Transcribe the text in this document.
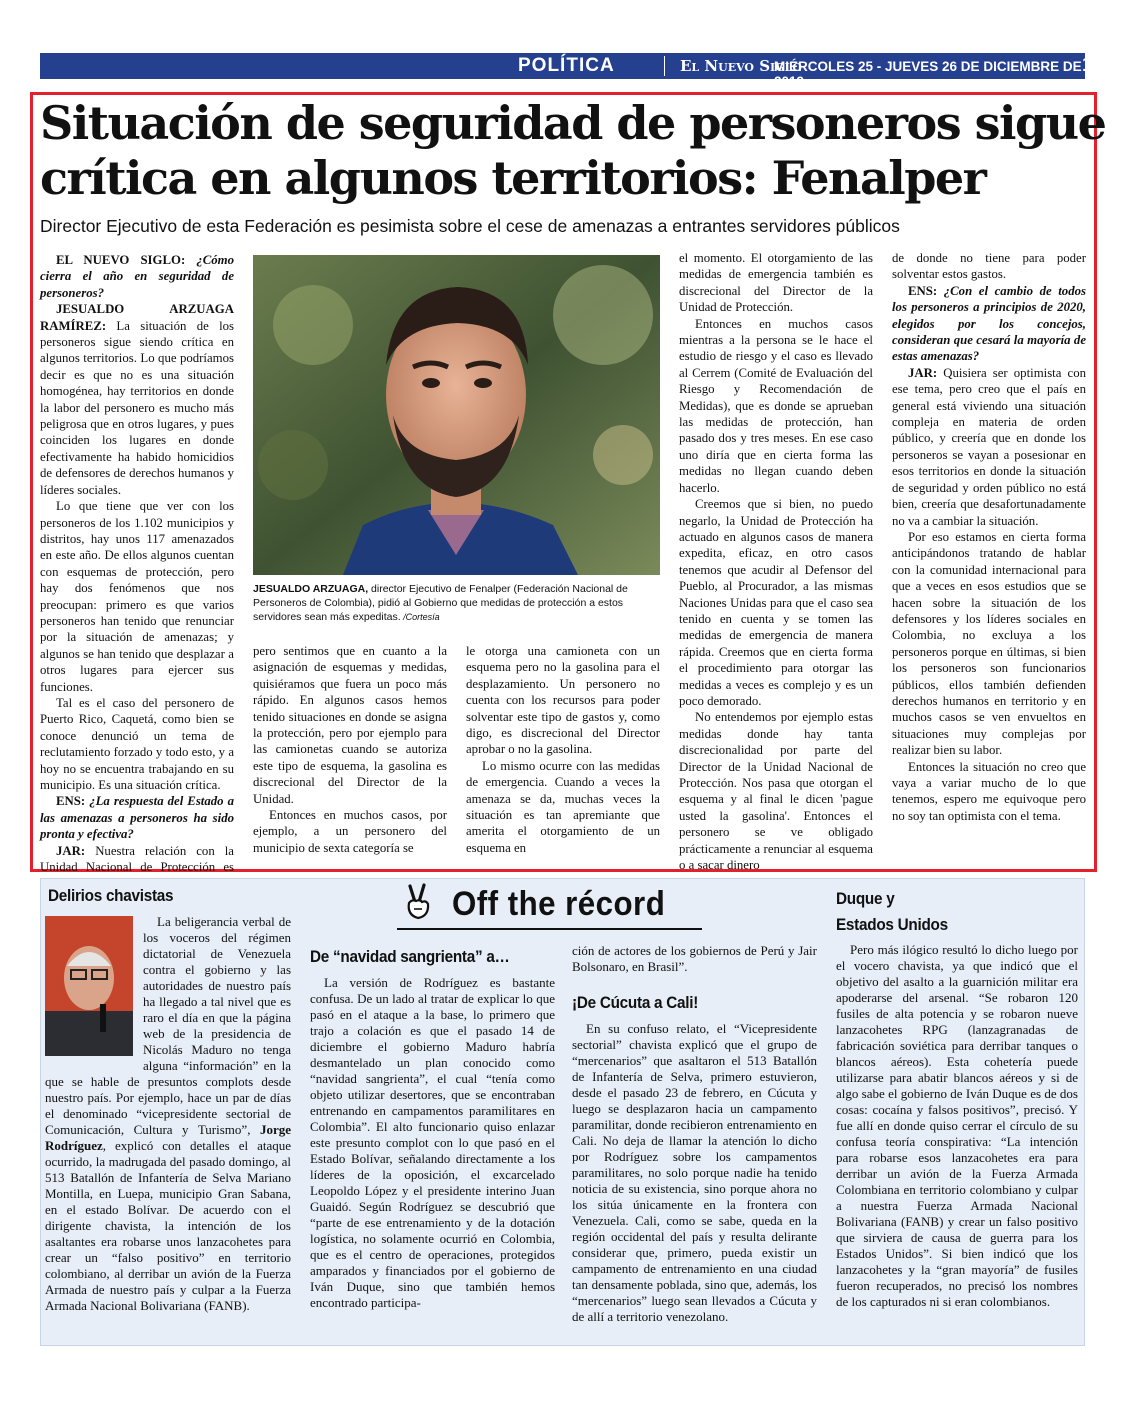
POLÍTICA	El Nuevo Siglo
MIÉRCOLES 25 - JUEVES 26 DE DICIEMBRE DE 2019
11A
Situación de seguridad de personeros sigue
crítica en algunos territorios: Fenalper
Director Ejecutivo de esta Federación es pesimista sobre el cese de amenazas a entrantes servidores públicos

EL NUEVO SIGLO: ¿Cómo cierra el año en seguridad de personeros?

JESUALDO ARZUAGA RAMÍREZ: La situación de los personeros sigue siendo crítica en algunos territorios. Lo que podríamos decir es que no es una situación homogénea, hay territorios en donde la labor del personero es mucho más peligrosa que en otros lugares, y pues coinciden los lugares en donde efectivamente ha habido homicidios de defensores de derechos humanos y líderes sociales.

Lo que tiene que ver con los personeros de los 1.102 municipios y distritos, hay unos 117 amenazados en este año. De ellos algunos cuentan con esquemas de protección, pero hay dos fenómenos que nos preocupan: primero es que varios personeros han tenido que renunciar por la situación de amenazas; y algunos se han tenido que desplazar a otros lugares para ejercer sus funciones.

Tal es el caso del personero de Puerto Rico, Caquetá, como bien se conoce denunció un tema de reclutamiento forzado y todo esto, y a hoy no se encuentra trabajando en su municipio. Es una situación crítica.

ENS: ¿La respuesta del Estado a las amenazas a personeros ha sido pronta y efectiva?

JAR: Nuestra relación con la Unidad Nacional de Protección es

JESUALDO ARZUAGA, director Ejecutivo de Fenalper (Federación Nacional de Personeros de Colombia), pidió al Gobierno que medidas de protección a estos servidores sean más expeditas. /Cortesía

pero sentimos que en cuanto a la asignación de esquemas y medidas, quisiéramos que fuera un poco más rápido. En algunos casos hemos tenido situaciones en donde se asigna la protección, pero por ejemplo para las camionetas cuando se autoriza este tipo de esquema, la gasolina es discrecional del Director de la Unidad.

Entonces en muchos casos, por ejemplo, a un personero del municipio de sexta categoría se

le otorga una camioneta con un esquema pero no la gasolina para el desplazamiento. Un personero no cuenta con los recursos para poder solventar este tipo de gastos y, como digo, es discrecional del Director aprobar o no la gasolina.

Lo mismo ocurre con las medidas de emergencia. Cuando a veces la amenaza se da, muchas veces la situación es tan apremiante que amerita el otorgamiento de un esquema en

el momento. El otorgamiento de las medidas de emergencia también es discrecional del Director de la Unidad de Protección.

Entonces en muchos casos mientras a la persona se le hace el estudio de riesgo y el caso es llevado al Cerrem (Comité de Evaluación del Riesgo y Recomendación de Medidas), que es donde se aprueban las medidas de protección, han pasado dos y tres meses. En ese caso uno diría que en cierta forma las medidas no llegan cuando deben hacerlo.

Creemos que si bien, no puedo negarlo, la Unidad de Protección ha actuado en algunos casos de manera expedita, eficaz, en otro casos tenemos que acudir al Defensor del Pueblo, al Procurador, a las mismas Naciones Unidas para que el caso sea tenido en cuenta y se tomen las medidas de emergencia de manera rápida. Creemos que en cierta forma el procedimiento para otorgar las medidas a veces es complejo y es un poco demorado.

No entendemos por ejemplo estas medidas donde hay tanta discrecionalidad por parte del Director de la Unidad Nacional de Protección. Nos pasa que otorgan el esquema y al final le dicen 'pague usted la gasolina'. Entonces el personero se ve obligado prácticamente a renunciar al esquema o a sacar dinero

de donde no tiene para poder solventar estos gastos.

ENS: ¿Con el cambio de todos los personeros a principios de 2020, elegidos por los concejos, consideran que cesará la mayoría de estas amenazas?

JAR: Quisiera ser optimista con ese tema, pero creo que el país en general está viviendo una situación compleja en materia de orden público, y creería que en donde los personeros se vayan a posesionar en esos territorios en donde la situación de seguridad y orden público no está bien, creería que desafortunadamente no va a cambiar la situación.

Por eso estamos en cierta forma anticipándonos tratando de hablar con la comunidad internacional para que a veces en esos estudios que se hacen sobre la situación de los defensores y los líderes sociales en Colombia, no excluya a los personeros porque en últimas, si bien los personeros son funcionarios públicos, ellos también defienden derechos humanos en territorio y en muchos casos se ven envueltos en situaciones muy complejas por realizar bien su labor.

Entonces la situación no creo que vaya a variar mucho de lo que tenemos, espero me equivoque pero no soy tan optimista con el tema.

Off the récord
Delirios chavistas

La beligerancia verbal de los voceros del régimen dictatorial de Venezuela contra el gobierno y las autoridades de nuestro país ha llegado a tal nivel que es raro el día en que la página web de la presidencia de Nicolás Maduro no tenga alguna “información” en la que se hable de presuntos complots desde nuestro país. Por ejemplo, hace un par de días el denominado “vicepresidente sectorial de Comunicación, Cultura y Turismo”, Jorge Rodríguez, explicó con detalles el ataque ocurrido, la madrugada del pasado domingo, al 513 Batallón de Infantería de Selva Mariano Montilla, en Luepa, municipio Gran Sabana, en el estado Bolívar. De acuerdo con el dirigente chavista, la intención de los asaltantes era robarse unos lanzacohetes para crear un “falso positivo” en territorio colombiano, al derribar un avión de la Fuerza Armada de nuestro país y culpar a la Fuerza Armada Nacional Bolivariana (FANB).

De “navidad sangrienta” a…

La versión de Rodríguez es bastante confusa. De un lado al tratar de explicar lo que pasó en el ataque a la base, lo primero que trajo a colación es que el pasado 14 de diciembre el gobierno Maduro habría desmantelado un plan conocido como “navidad sangrienta”, el cual “tenía como objeto utilizar desertores, que se encontraban entrenando en campamentos paramilitares en Colombia”. El alto funcionario quiso enlazar este presunto complot con lo que pasó en el Estado Bolívar, señalando directamente a los líderes de la oposición, el excarcelado Leopoldo López y el presidente interino Juan Guaidó. Según Rodríguez se descubrió que “parte de ese entrenamiento y de la dotación logística, no solamente ocurrió en Colombia, que es el centro de operaciones, protegidos amparados y financiados por el gobierno de Iván Duque, sino que también hemos encontrado participa-

ción de actores de los gobiernos de Perú y Jair Bolsonaro, en Brasil”.

¡De Cúcuta a Cali!

En su confuso relato, el “Vicepresidente sectorial” chavista explicó que el grupo de “mercenarios” que asaltaron el 513 Batallón de Infantería de Selva, primero estuvieron, desde el pasado 23 de febrero, en Cúcuta y luego se desplazaron hacia un campamento paramilitar, donde recibieron entrenamiento en Cali. No deja de llamar la atención lo dicho por Rodríguez sobre los campamentos paramilitares, no solo porque nadie ha tenido noticia de su existencia, sino porque ahora no los sitúa únicamente en la frontera con Venezuela. Cali, como se sabe, queda en la región occidental del país y resulta delirante considerar que, primero, pueda existir un campamento de entrenamiento en una ciudad tan densamente poblada, sino que, además, los “mercenarios” luego sean llevados a Cúcuta y de allí a territorio venezolano.

Duque y
Estados Unidos

Pero más ilógico resultó lo dicho luego por el vocero chavista, ya que indicó que el objetivo del asalto a la guarnición militar era apoderarse del arsenal. “Se robaron 120 fusiles de alta potencia y se robaron nueve lanzacohetes RPG (lanzagranadas de fabricación soviética para derribar tanques o blancos aéreos). Esta cohetería puede utilizarse para abatir blancos aéreos y si de algo sabe el gobierno de Iván Duque es de dos cosas: cocaína y falsos positivos”, precisó. Y fue allí en donde quiso cerrar el círculo de su confusa teoría conspirativa: “La intención para robarse esos lanzacohetes era para derribar un avión de la Fuerza Armada Colombiana en territorio colombiano y culpar a nuestra Fuerza Armada Nacional Bolivariana (FANB) y crear un falso positivo que sirviera de causa de guerra para los Estados Unidos”. Si bien indicó que los lanzacohetes y la “gran mayoría” de fusiles fueron recuperados, no precisó los nombres de los capturados ni si eran colombianos.
